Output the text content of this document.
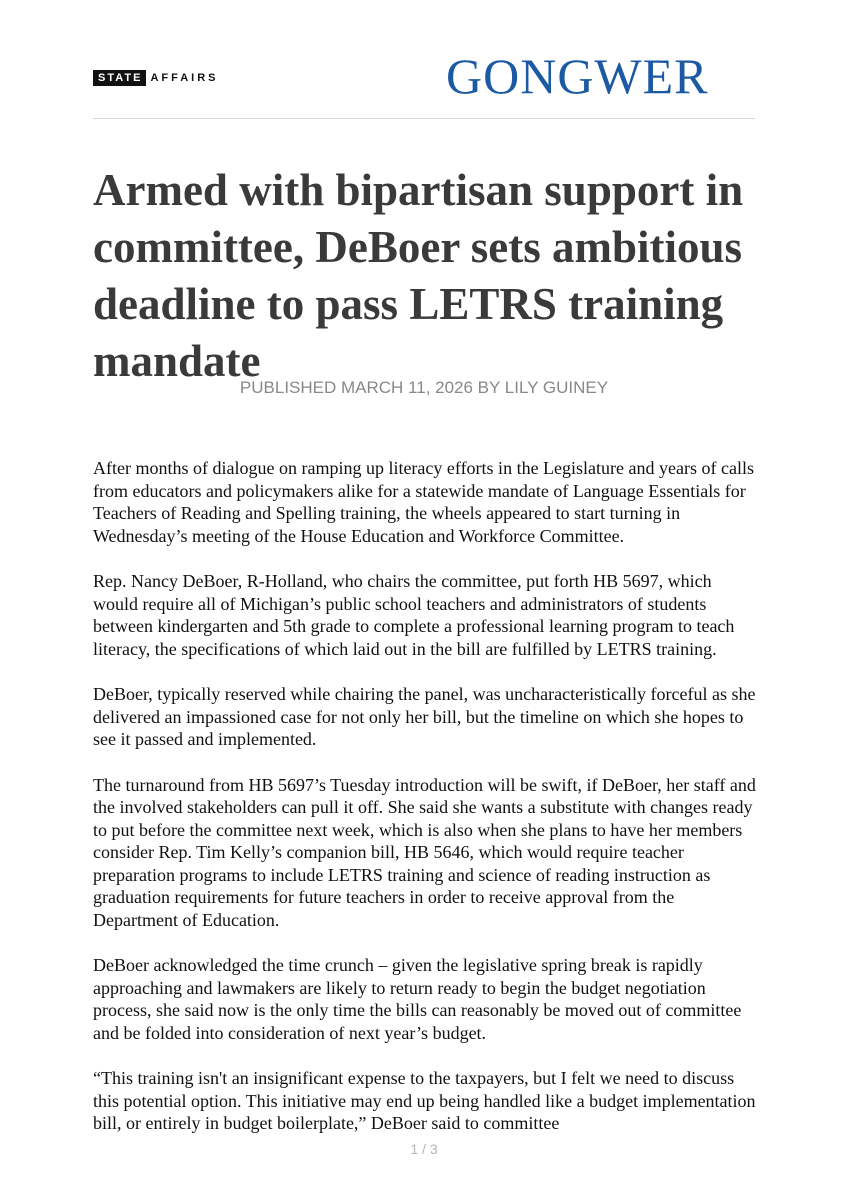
STATE AFFAIRS	GONGWER
Armed with bipartisan support in committee, DeBoer sets ambitious deadline to pass LETRS training mandate
PUBLISHED MARCH 11, 2026 BY LILY GUINEY

After months of dialogue on ramping up literacy efforts in the Legislature and years of calls from educators and policymakers alike for a statewide mandate of Language Essentials for Teachers of Reading and Spelling training, the wheels appeared to start turning in Wednesday’s meeting of the House Education and Workforce Committee.

Rep. Nancy DeBoer, R-Holland, who chairs the committee, put forth HB 5697, which would require all of Michigan’s public school teachers and administrators of students between kindergarten and 5th grade to complete a professional learning program to teach literacy, the specifications of which laid out in the bill are fulfilled by LETRS training.

DeBoer, typically reserved while chairing the panel, was uncharacteristically forceful as she delivered an impassioned case for not only her bill, but the timeline on which she hopes to see it passed and implemented.

The turnaround from HB 5697’s Tuesday introduction will be swift, if DeBoer, her staff and the involved stakeholders can pull it off. She said she wants a substitute with changes ready to put before the committee next week, which is also when she plans to have her members consider Rep. Tim Kelly’s companion bill, HB 5646, which would require teacher preparation programs to include LETRS training and science of reading instruction as graduation requirements for future teachers in order to receive approval from the Department of Education.

DeBoer acknowledged the time crunch – given the legislative spring break is rapidly approaching and lawmakers are likely to return ready to begin the budget negotiation process, she said now is the only time the bills can reasonably be moved out of committee and be folded into consideration of next year’s budget.

“This training isn't an insignificant expense to the taxpayers, but I felt we need to discuss this potential option. This initiative may end up being handled like a budget implementation bill, or entirely in budget boilerplate,” DeBoer said to committee

1 / 3
